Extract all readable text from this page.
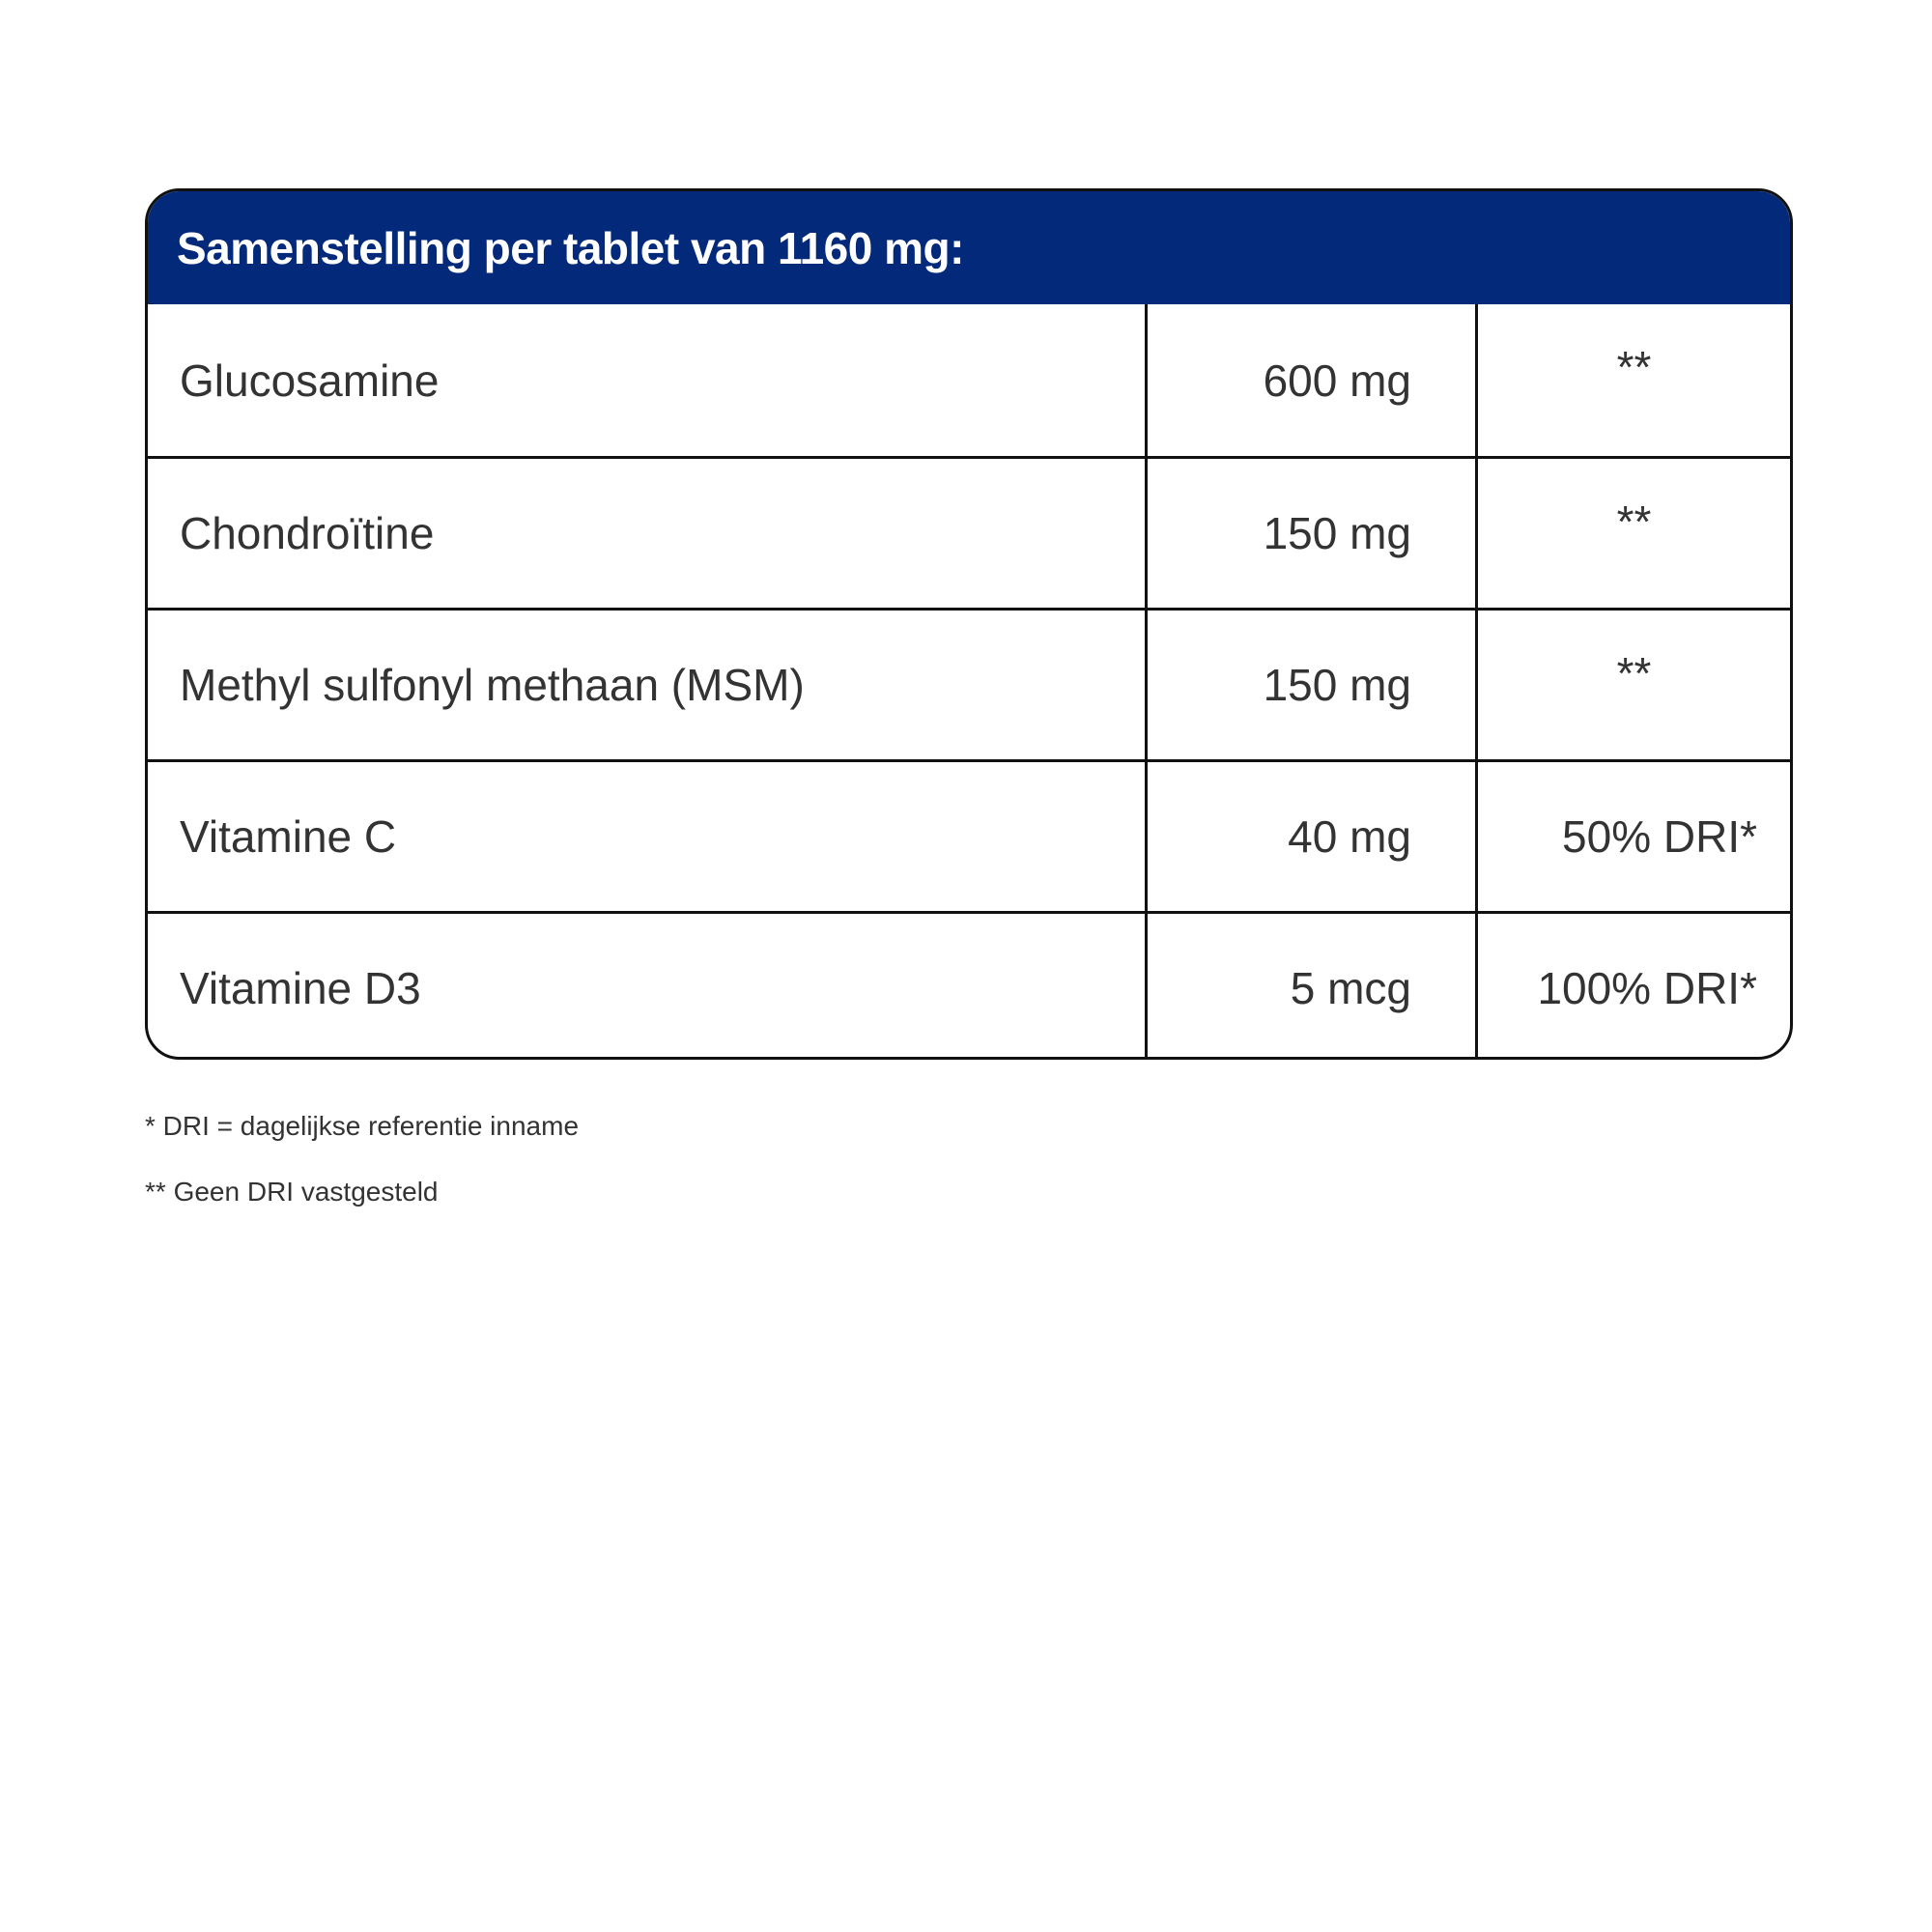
Samenstelling per tablet van 1160 mg:
Glucosamine	600 mg	**
Chondroïtine	150 mg	**
Methyl sulfonyl methaan (MSM)	150 mg	**
Vitamine C	40 mg	50% DRI*
Vitamine D3	5 mcg	100% DRI*
* DRI = dagelijkse referentie inname
** Geen DRI vastgesteld
